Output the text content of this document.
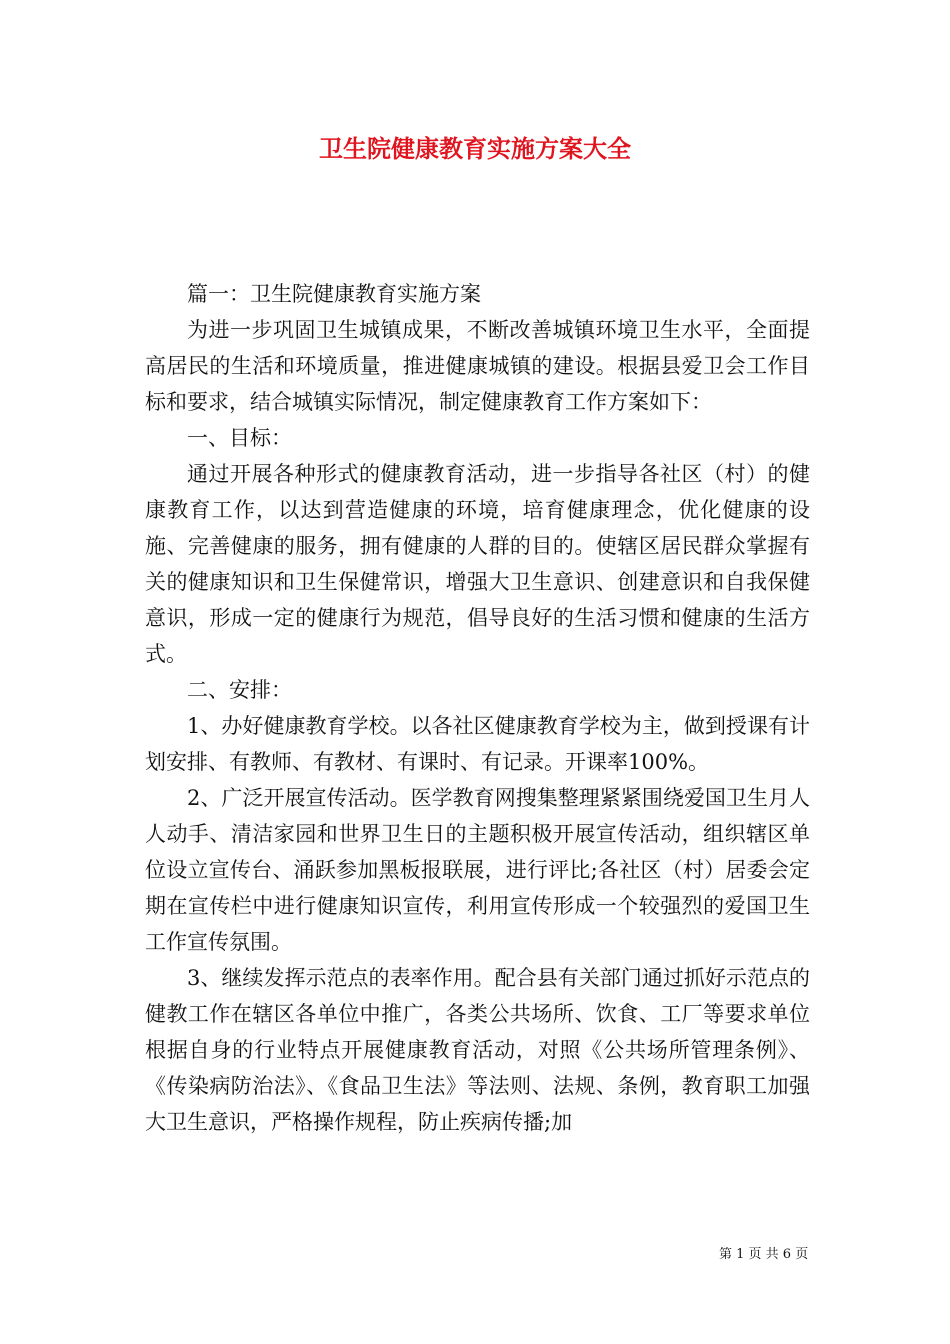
卫生院健康教育实施方案大全

篇一：卫生院健康教育实施方案

为进一步巩固卫生城镇成果，不断改善城镇环境卫生水平，全面提高居民的生活和环境质量，推进健康城镇的建设。根据县爱卫会工作目标和要求，结合城镇实际情况，制定健康教育工作方案如下：

一、目标：

通过开展各种形式的健康教育活动，进一步指导各社区（村）的健康教育工作，以达到营造健康的环境，培育健康理念，优化健康的设施、完善健康的服务，拥有健康的人群的目的。使辖区居民群众掌握有关的健康知识和卫生保健常识，增强大卫生意识、创建意识和自我保健意识，形成一定的健康行为规范，倡导良好的生活习惯和健康的生活方式。

二、安排：

1、办好健康教育学校。以各社区健康教育学校为主，做到授课有计划安排、有教师、有教材、有课时、有记录。开课率100%。

2、广泛开展宣传活动。医学教育网搜集整理紧紧围绕爱国卫生月人人动手、清洁家园和世界卫生日的主题积极开展宣传活动，组织辖区单位设立宣传台、涌跃参加黑板报联展，进行评比;各社区（村）居委会定期在宣传栏中进行健康知识宣传，利用宣传形成一个较强烈的爱国卫生工作宣传氛围。

3、继续发挥示范点的表率作用。配合县有关部门通过抓好示范点的健教工作在辖区各单位中推广，各类公共场所、饮食、工厂等要求单位根据自身的行业特点开展健康教育活动，对照《公共场所管理条例》、《传染病防治法》、《食品卫生法》等法则、法规、条例，教育职工加强大卫生意识，严格操作规程，防止疾病传播;加

第 1 页 共 6 页
